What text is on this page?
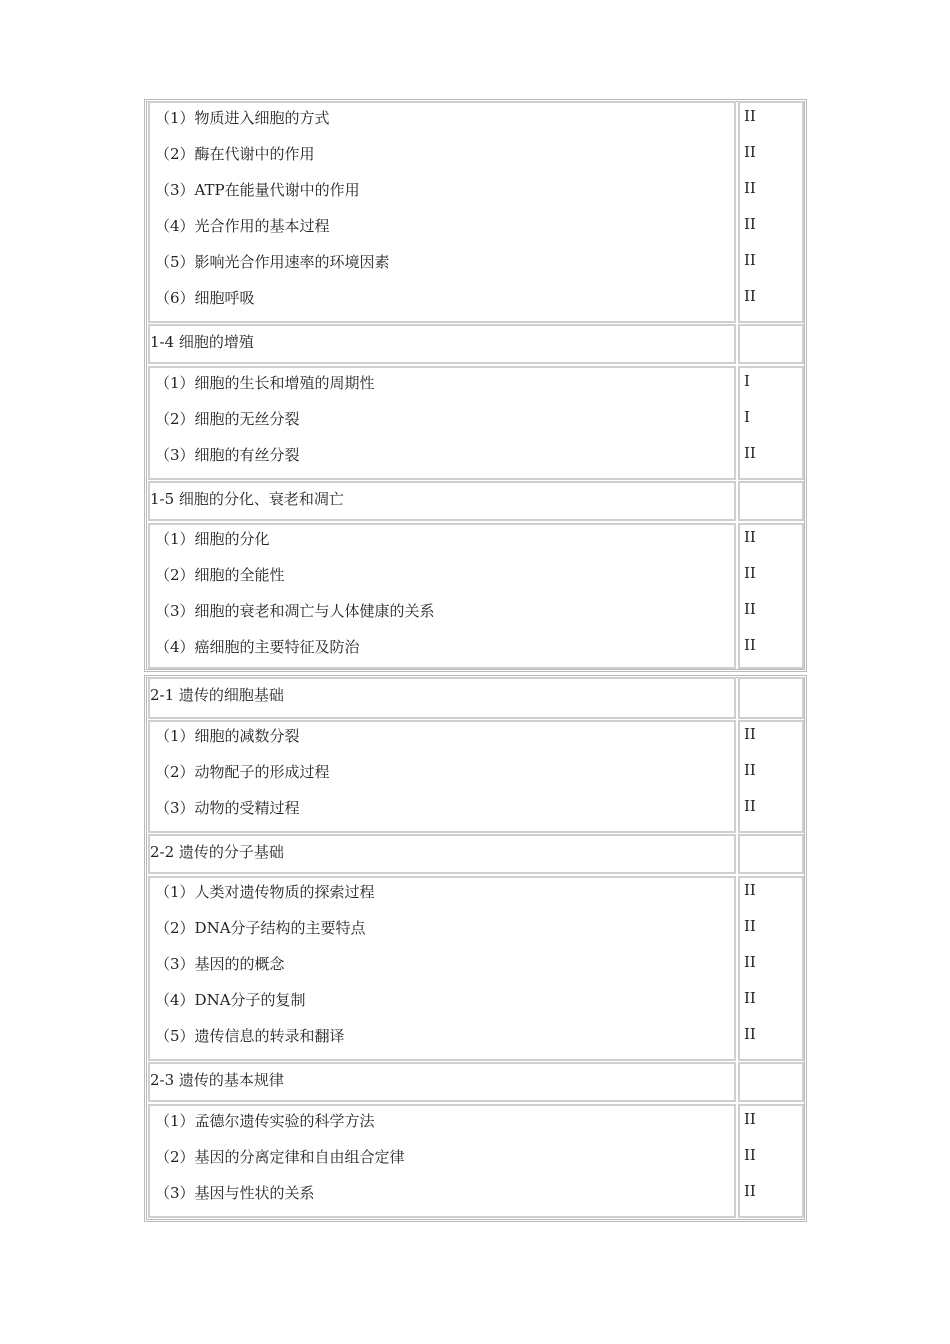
（1）物质进入细胞的方式
（2）酶在代谢中的作用
（3）ATP在能量代谢中的作用
（4）光合作用的基本过程
（5）影响光合作用速率的环境因素
（6）细胞呼吸
II
II
II
II
II
II
1-4 细胞的增殖
（1）细胞的生长和增殖的周期性
（2）细胞的无丝分裂
（3）细胞的有丝分裂
I
I
II
1-5 细胞的分化、衰老和凋亡
（1）细胞的分化
（2）细胞的全能性
（3）细胞的衰老和凋亡与人体健康的关系
（4）癌细胞的主要特征及防治
II
II
II
II
2-1 遗传的细胞基础
（1）细胞的减数分裂
（2）动物配子的形成过程
（3）动物的受精过程
II
II
II
2-2 遗传的分子基础
（1）人类对遗传物质的探索过程
（2）DNA分子结构的主要特点
（3）基因的的概念
（4）DNA分子的复制
（5）遗传信息的转录和翻译
II
II
II
II
II
2-3 遗传的基本规律
（1）孟德尔遗传实验的科学方法
（2）基因的分离定律和自由组合定律
（3）基因与性状的关系
II
II
II
